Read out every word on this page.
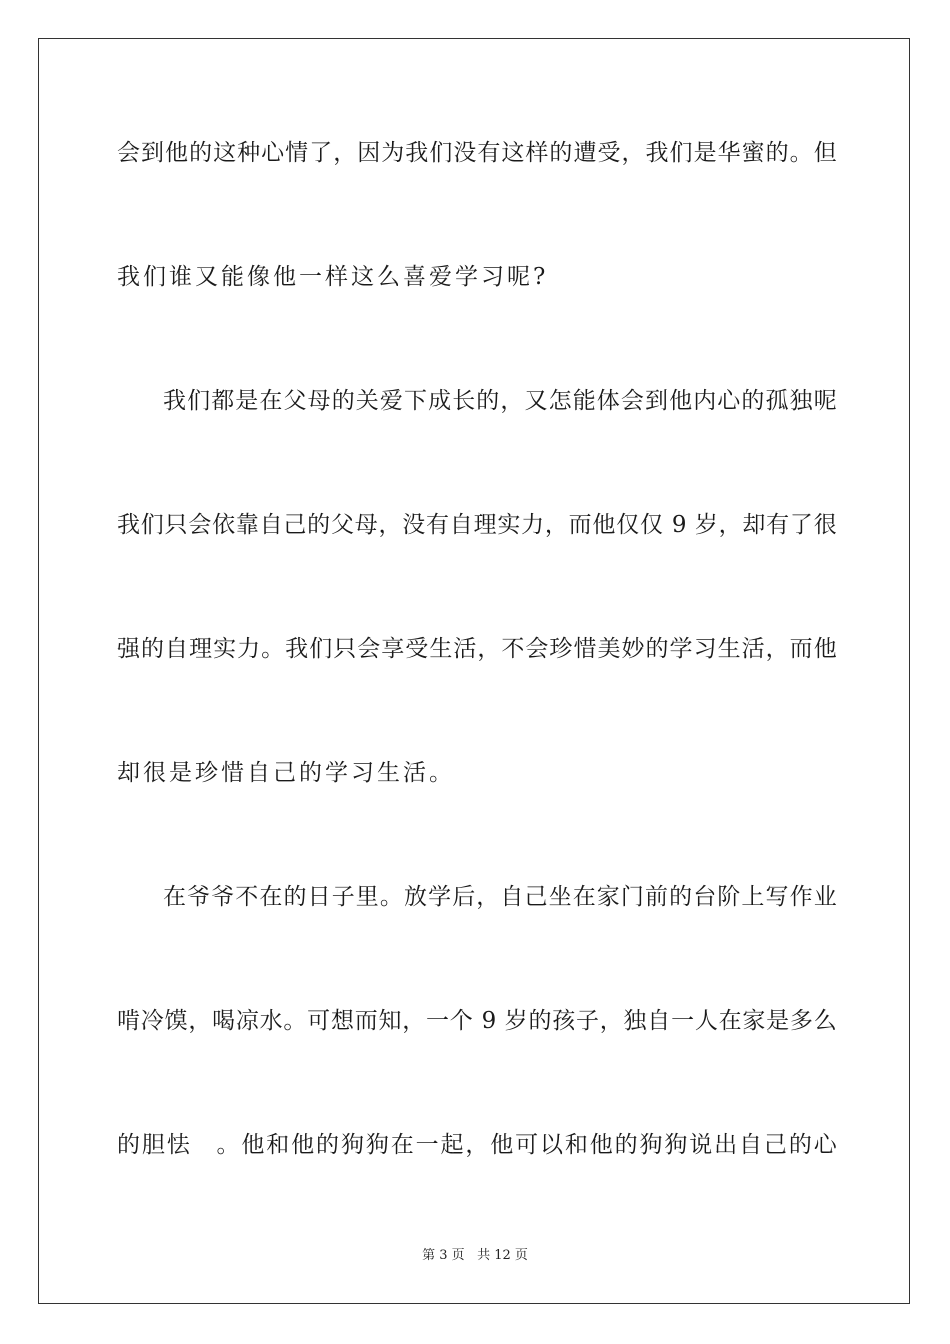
会到他的这种心情了，因为我们没有这样的遭受，我们是华蜜的。但
我们谁又能像他一样这么喜爱学习呢?
我们都是在父母的关爱下成长的，又怎能体会到他内心的孤独呢
我们只会依靠自己的父母，没有自理实力，而他仅仅 9 岁，却有了很
强的自理实力。我们只会享受生活，不会珍惜美妙的学习生活，而他
却很是珍惜自己的学习生活。
在爷爷不在的日子里。放学后，自己坐在家门前的台阶上写作业
啃冷馍，喝凉水。可想而知，一个 9 岁的孩子，独自一人在家是多么
的胆怯　。他和他的狗狗在一起，他可以和他的狗狗说出自己的心
第 3 页 共 12 页
